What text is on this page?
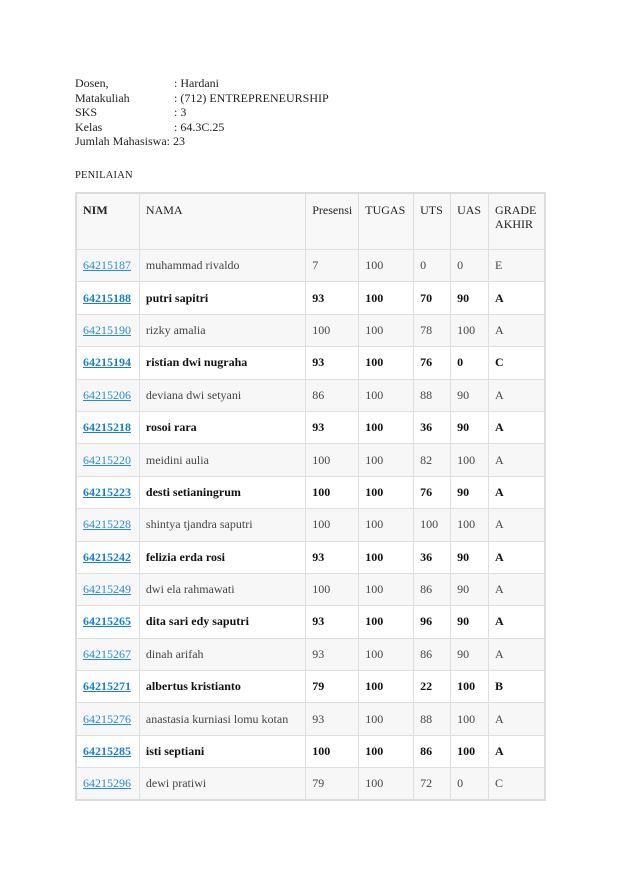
Dosen,	: Hardani
Matakuliah	: (712) ENTREPRENEURSHIP
SKS	: 3
Kelas	: 64.3C.25
Jumlah Mahasiswa : 23
PENILAIAN
NIM	NAMA	Presensi	TUGAS	UTS	UAS	GRADE AKHIR
64215187	muhammad rivaldo	7	100	0	0	E
64215188	putri sapitri	93	100	70	90	A
64215190	rizky amalia	100	100	78	100	A
64215194	ristian dwi nugraha	93	100	76	0	C
64215206	deviana dwi setyani	86	100	88	90	A
64215218	rosoi rara	93	100	36	90	A
64215220	meidini aulia	100	100	82	100	A
64215223	desti setianingrum	100	100	76	90	A
64215228	shintya tjandra saputri	100	100	100	100	A
64215242	felizia erda rosi	93	100	36	90	A
64215249	dwi ela rahmawati	100	100	86	90	A
64215265	dita sari edy saputri	93	100	96	90	A
64215267	dinah arifah	93	100	86	90	A
64215271	albertus kristianto	79	100	22	100	B
64215276	anastasia kurniasi lomu kotan	93	100	88	100	A
64215285	isti septiani	100	100	86	100	A
64215296	dewi pratiwi	79	100	72	0	C
